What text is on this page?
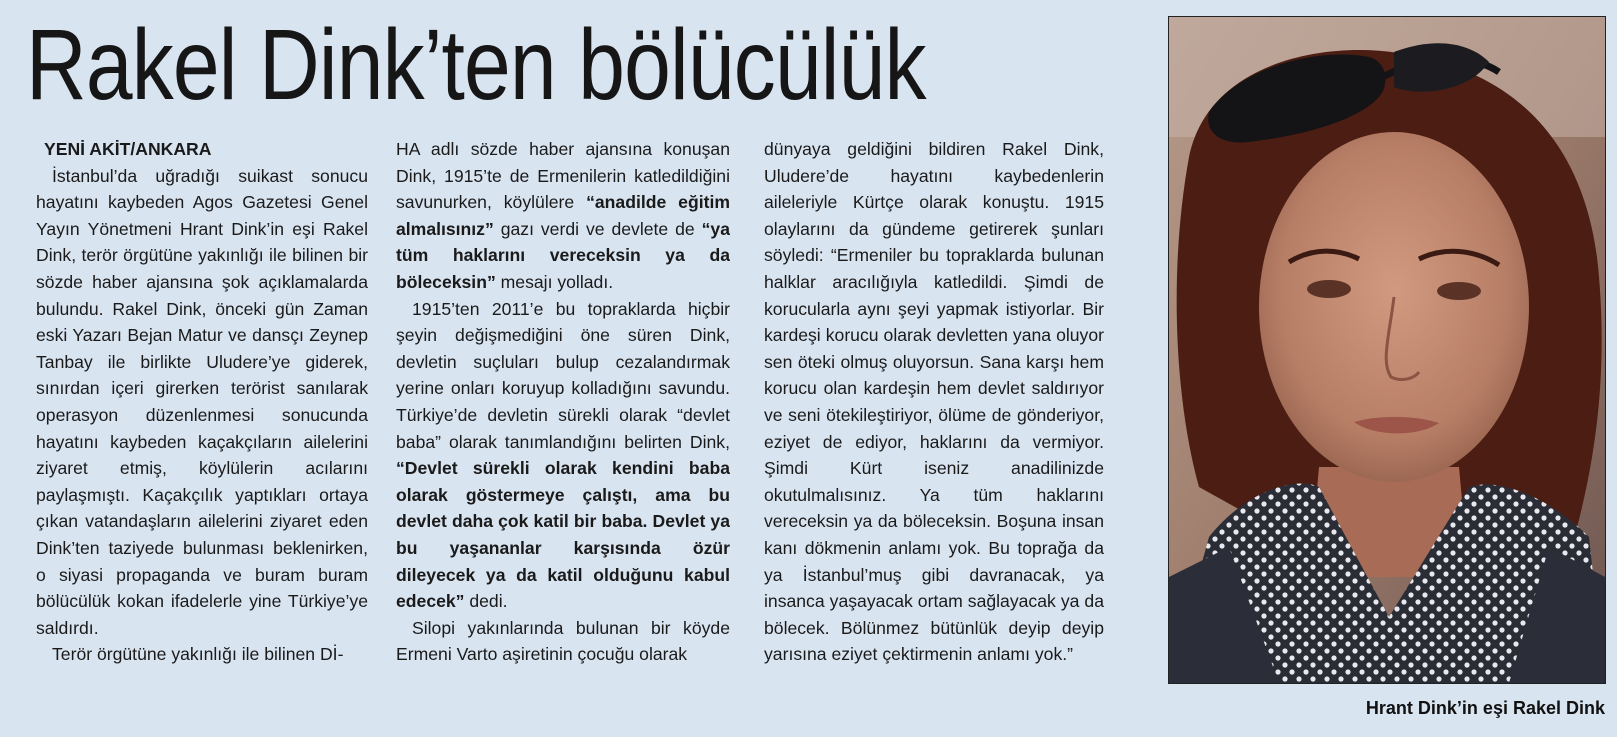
Rakel Dink’ten bölücülük
YENİ AKİT/ANKARA

İstanbul’da uğradığı suikast sonucu hayatını kaybeden Agos Gazetesi Genel Yayın Yönetmeni Hrant Dink’in eşi Rakel Dink, terör örgütüne yakınlığı ile bilinen bir sözde haber ajansına şok açıklamalarda bulundu. Rakel Dink, önceki gün Zaman eski Yazarı Bejan Matur ve dansçı Zeynep Tanbay ile birlikte Uludere’ye giderek, sınırdan içeri girerken terörist sanılarak operasyon düzenlenmesi sonucunda hayatını kaybeden kaçakçıların ailelerini ziyaret etmiş, köylülerin acılarını paylaşmıştı. Kaçakçılık yaptıkları ortaya çıkan vatandaşların ailelerini ziyaret eden Dink’ten taziyede bulunması beklenirken, o siyasi propaganda ve buram buram bölücülük kokan ifadelerle yine Türkiye’ye saldırdı.

Terör örgütüne yakınlığı ile bilinen Dİ-

HA adlı sözde haber ajansına konuşan Dink, 1915’te de Ermenilerin katledildiğini savunurken, köylülere “anadilde eğitim almalısınız” gazı verdi ve devlete de “ya tüm haklarını vereceksin ya da böleceksin” mesajı yolladı.

1915’ten 2011’e bu topraklarda hiçbir şeyin değişmediğini öne süren Dink, devletin suçluları bulup cezalandırmak yerine onları koruyup kolladığını savundu. Türkiye’de devletin sürekli olarak “devlet baba” olarak tanımlandığını belirten Dink, “Devlet sürekli olarak kendini baba olarak göstermeye çalıştı, ama bu devlet daha çok katil bir baba. Devlet ya bu yaşananlar karşısında özür dileyecek ya da katil olduğunu kabul edecek” dedi.

Silopi yakınlarında bulunan bir köyde Ermeni Varto aşiretinin çocuğu olarak

dünyaya geldiğini bildiren Rakel Dink, Uludere’de hayatını kaybedenlerin aileleriyle Kürtçe olarak konuştu. 1915 olaylarını da gündeme getirerek şunları söyledi: “Ermeniler bu topraklarda bulunan halklar aracılığıyla katledildi. Şimdi de korucularla aynı şeyi yapmak istiyorlar. Bir kardeşi korucu olarak devletten yana oluyor sen öteki olmuş oluyorsun. Sana karşı hem korucu olan kardeşin hem devlet saldırıyor ve seni ötekileştiriyor, ölüme de gönderiyor, eziyet de ediyor, haklarını da vermiyor. Şimdi Kürt iseniz anadilinizde okutulmalısınız. Ya tüm haklarını vereceksin ya da böleceksin. Boşuna insan kanı dökmenin anlamı yok. Bu toprağa da ya İstanbul’muş gibi davranacak, ya insanca yaşayacak ortam sağlayacak ya da bölecek. Bölünmez bütünlük deyip deyip yarısına eziyet çektirmenin anlamı yok.”

Hrant Dink’in eşi Rakel Dink
